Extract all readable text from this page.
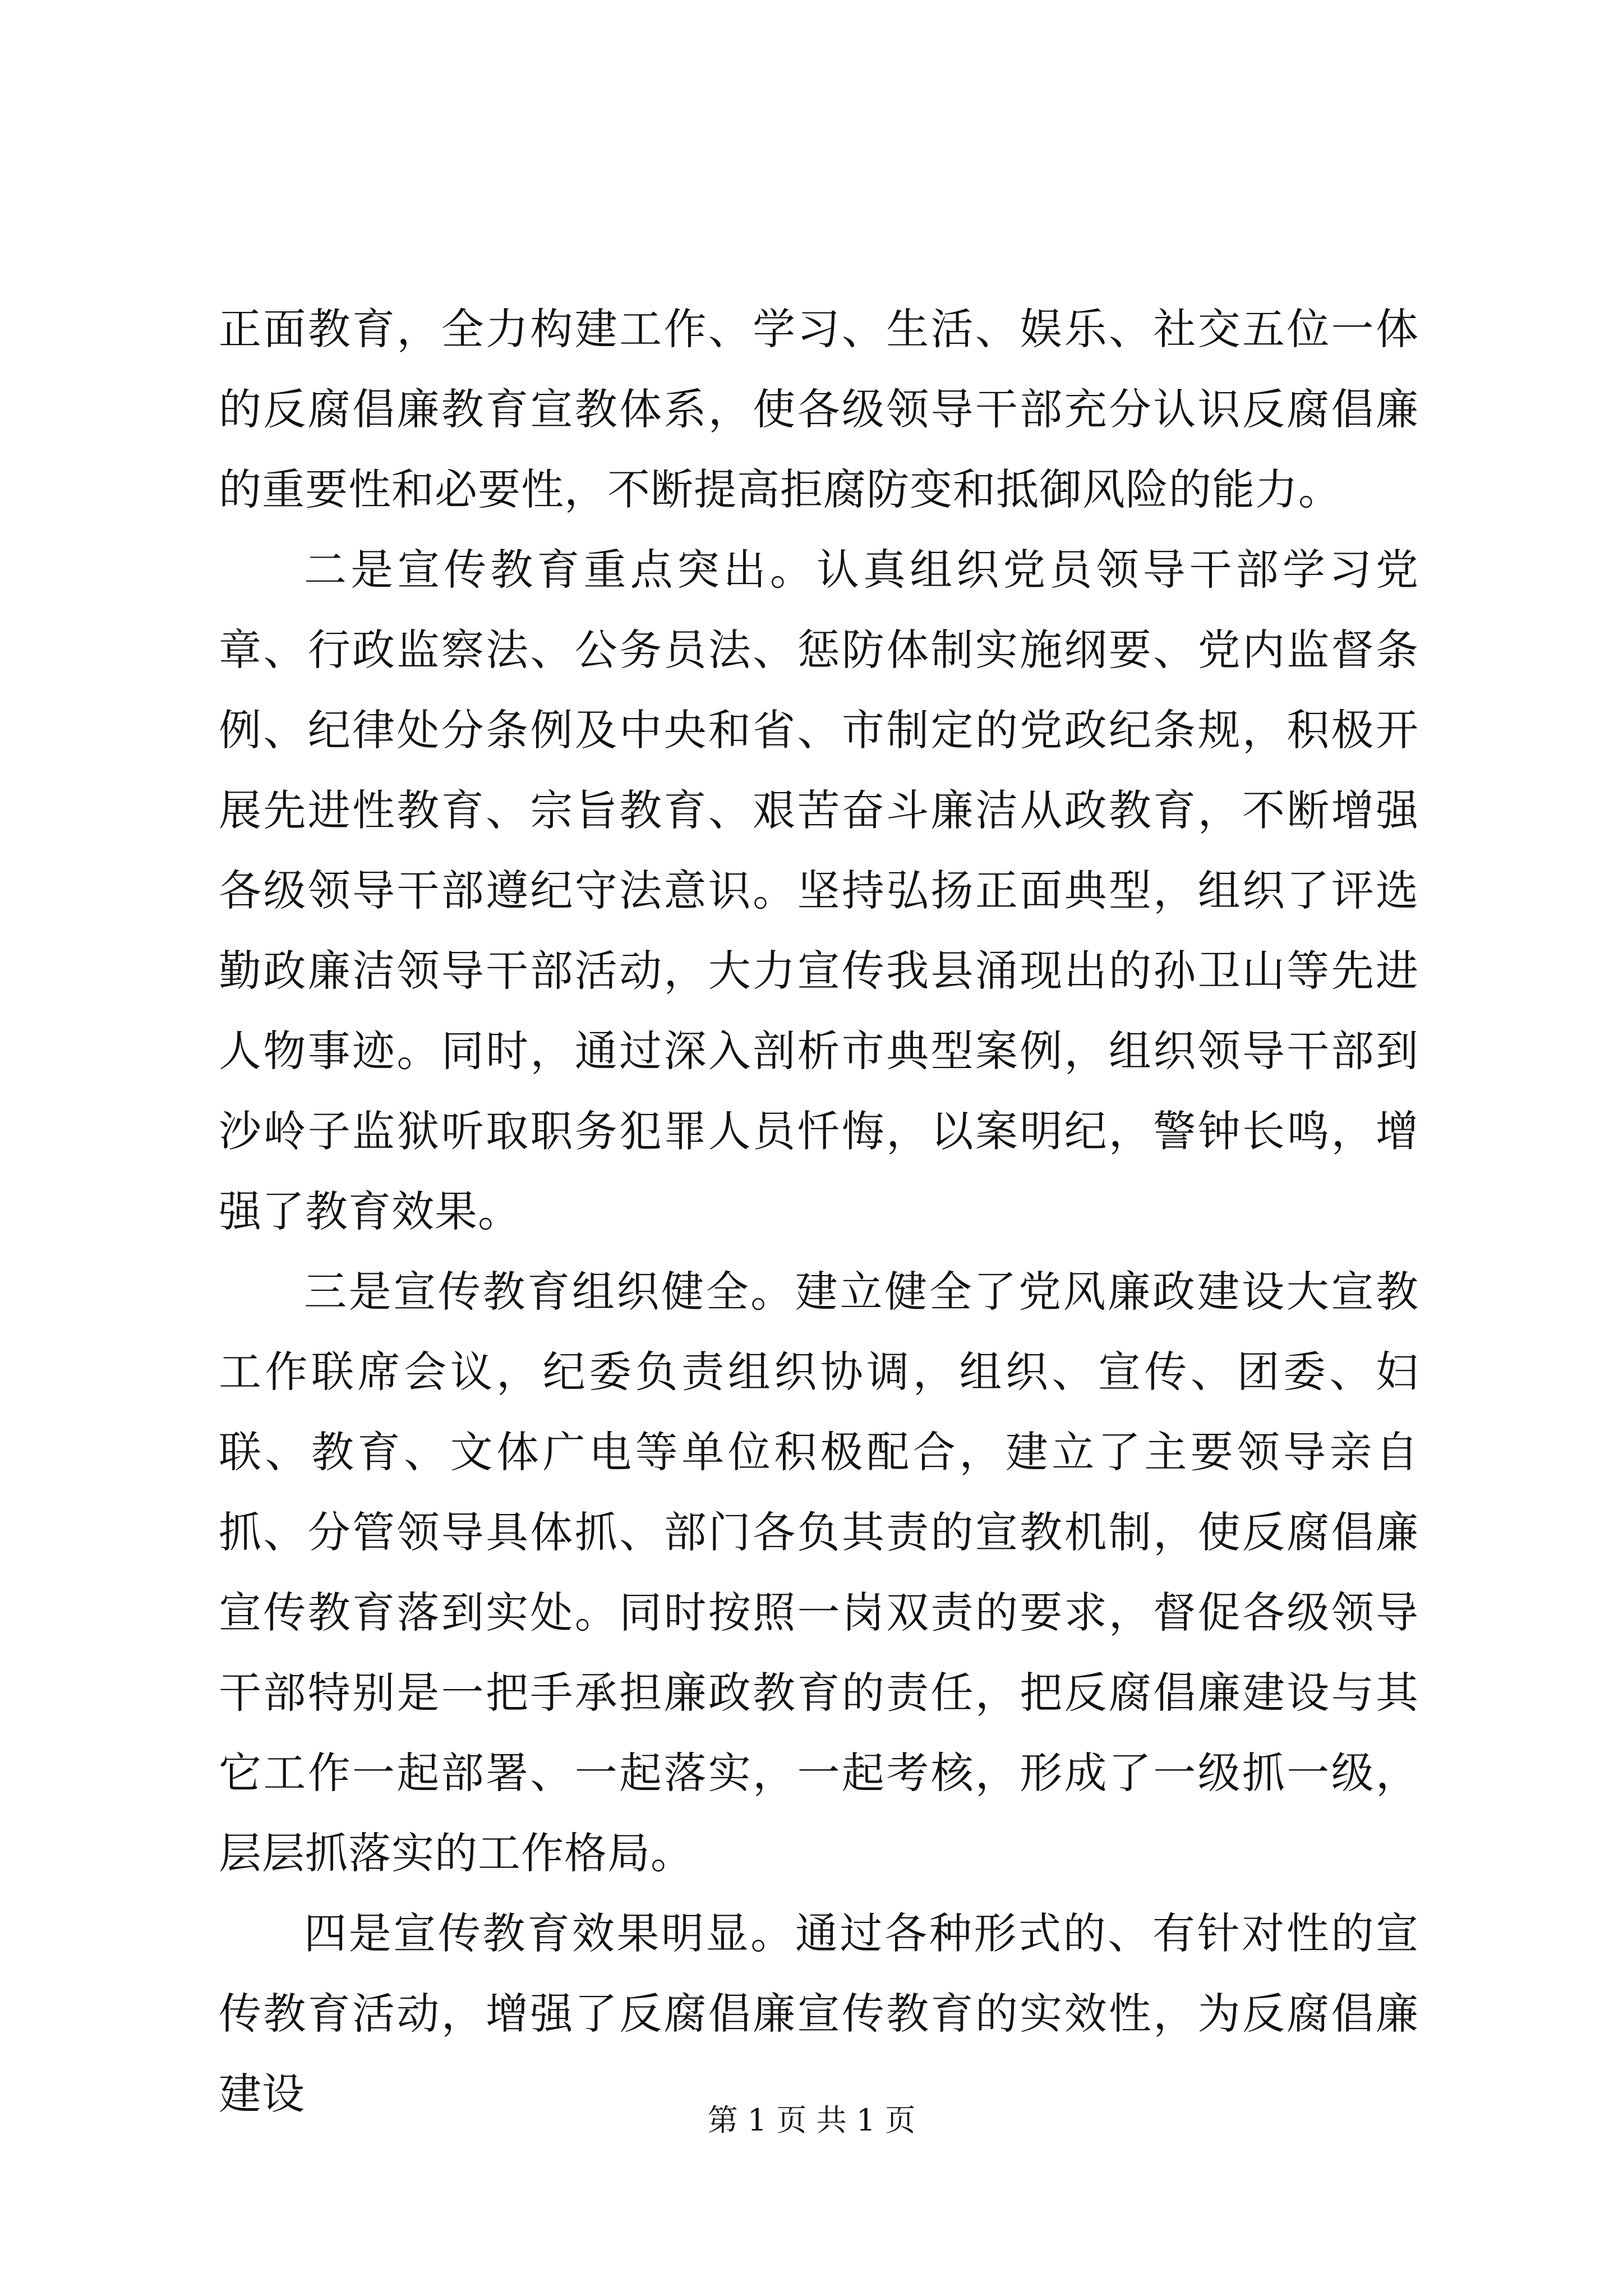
正面教育，全力构建工作、学习、生活、娱乐、社交五位一体的反腐倡廉教育宣教体系，使各级领导干部充分认识反腐倡廉的重要性和必要性，不断提高拒腐防变和抵御风险的能力。

二是宣传教育重点突出。认真组织党员领导干部学习党章、行政监察法、公务员法、惩防体制实施纲要、党内监督条例、纪律处分条例及中央和省、市制定的党政纪条规，积极开展先进性教育、宗旨教育、艰苦奋斗廉洁从政教育，不断增强各级领导干部遵纪守法意识。坚持弘扬正面典型，组织了评选勤政廉洁领导干部活动，大力宣传我县涌现出的孙卫山等先进人物事迹。同时，通过深入剖析市典型案例，组织领导干部到沙岭子监狱听取职务犯罪人员忏悔，以案明纪，警钟长鸣，增强了教育效果。

三是宣传教育组织健全。建立健全了党风廉政建设大宣教工作联席会议，纪委负责组织协调，组织、宣传、团委、妇联、教育、文体广电等单位积极配合，建立了主要领导亲自抓、分管领导具体抓、部门各负其责的宣教机制，使反腐倡廉宣传教育落到实处。同时按照一岗双责的要求，督促各级领导干部特别是一把手承担廉政教育的责任，把反腐倡廉建设与其它工作一起部署、一起落实，一起考核，形成了一级抓一级，层层抓落实的工作格局。

四是宣传教育效果明显。通过各种形式的、有针对性的宣传教育活动，增强了反腐倡廉宣传教育的实效性，为反腐倡廉建设

第 1 页 共 1 页
